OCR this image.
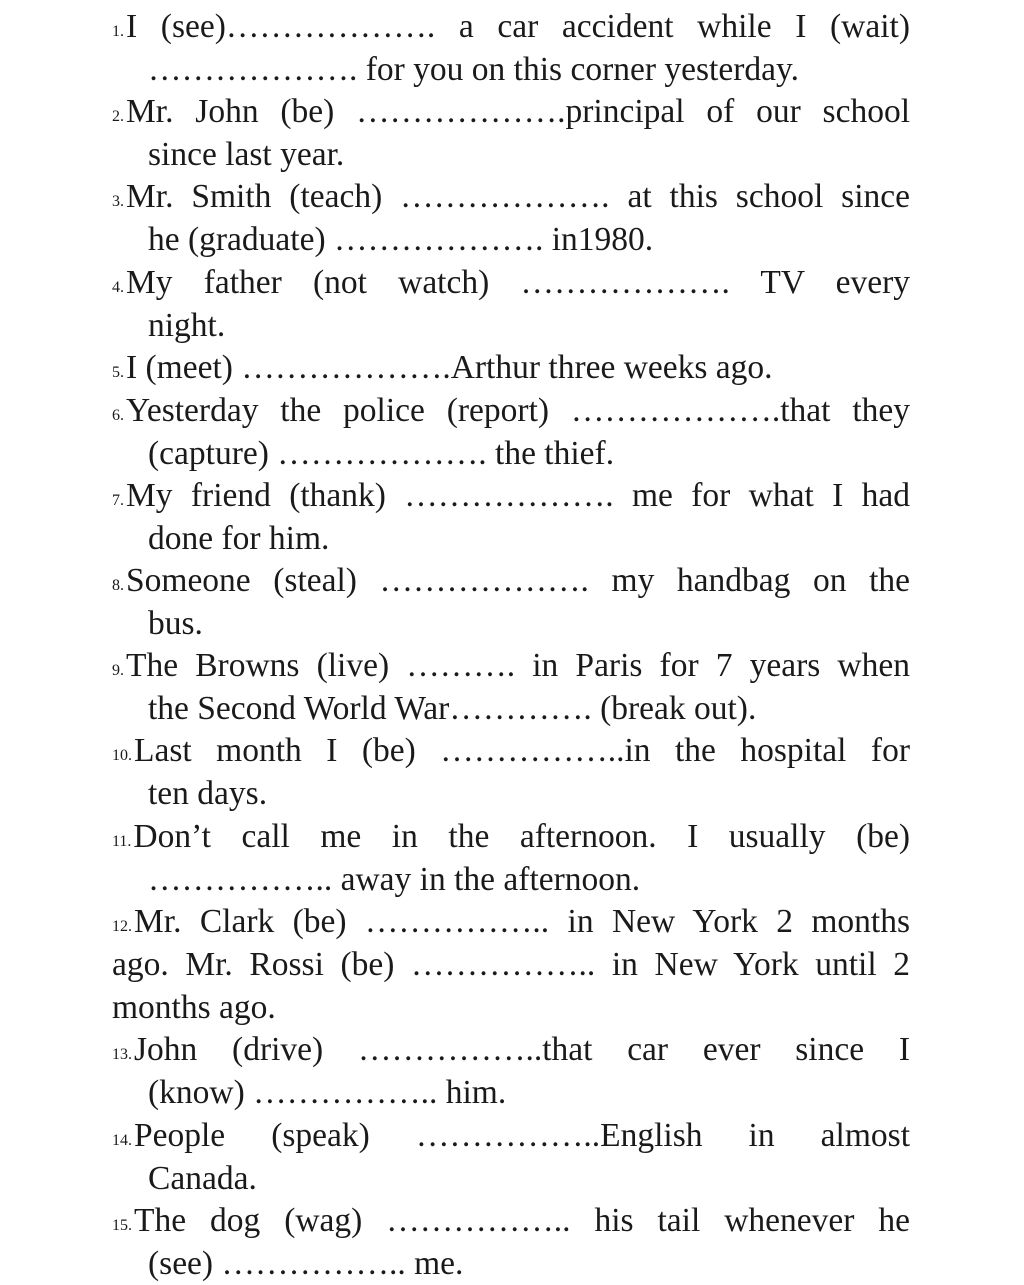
1.I (see)………………. a car accident while I (wait)
………………. for you on this corner yesterday.
2.Mr. John (be) ……………….principal of our school
since last year.
3.Mr. Smith (teach) ………………. at this school since
he (graduate) ………………. in1980.
4.My father (not watch) ………………. TV every
night.
5.I (meet) ……………….Arthur three weeks ago.
6.Yesterday the police (report) ……………….that they
(capture) ………………. the thief.
7.My friend (thank) ………………. me for what I had
done for him.
8.Someone (steal) ………………. my handbag on the
bus.
9.The Browns (live) ………. in Paris for 7 years when
the Second World War…………. (break out).
10.Last month I (be) ……………..in the hospital for
ten days.
11.Don’t call me in the afternoon. I usually (be)
…………….. away in the afternoon.
12.Mr. Clark (be) …………….. in New York 2 months
ago. Mr. Rossi (be) …………….. in New York until 2
months ago.
13.John (drive) ……………..that car ever since I
(know) …………….. him.
14.People (speak) ……………..English in almost
Canada.
15.The dog (wag) …………….. his tail whenever he
(see) …………….. me.
